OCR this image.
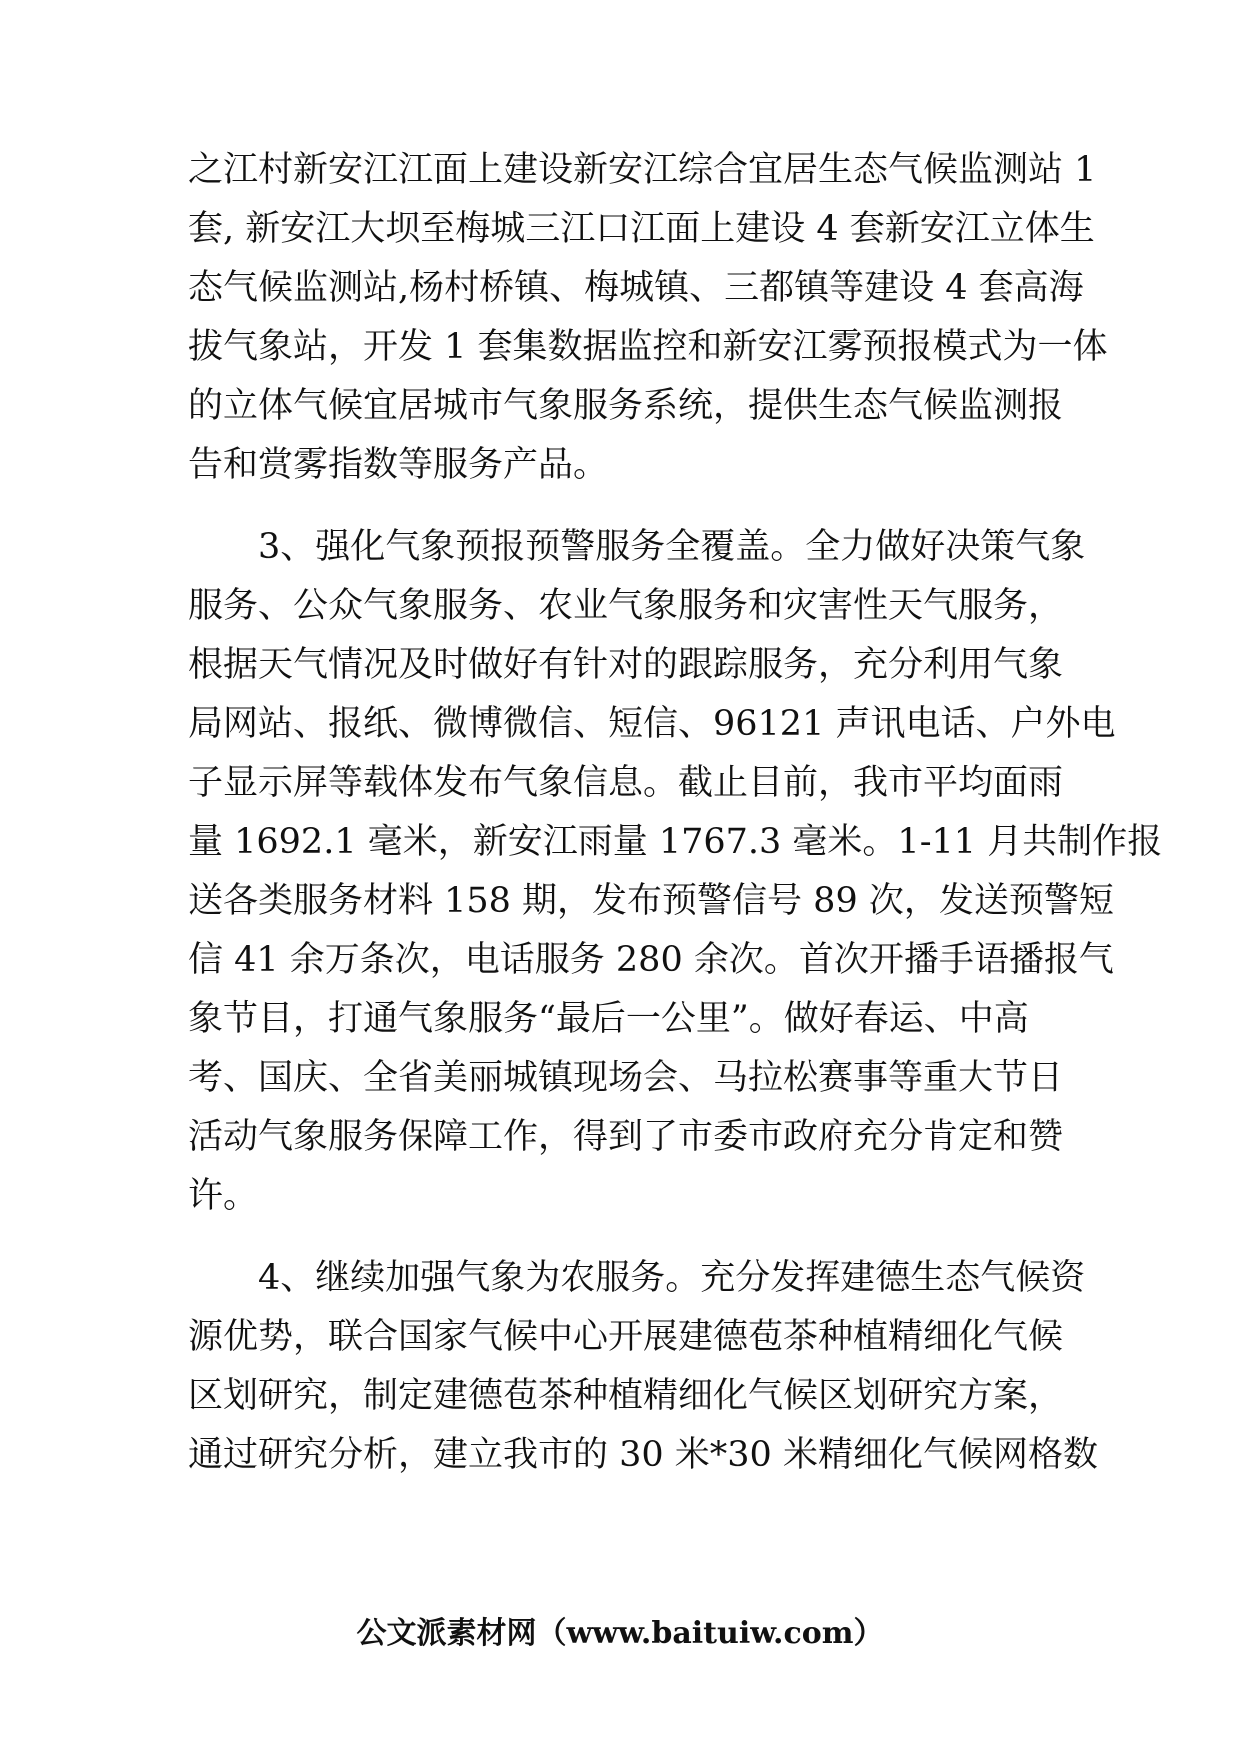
之江村新安江江面上建设新安江综合宜居生态气候监测站 1
套, 新安江大坝至梅城三江口江面上建设 4 套新安江立体生
态气候监测站,杨村桥镇、梅城镇、三都镇等建设 4 套高海
拔气象站，开发 1 套集数据监控和新安江雾预报模式为一体
的立体气候宜居城市气象服务系统，提供生态气候监测报
告和赏雾指数等服务产品。
3、强化气象预报预警服务全覆盖。全力做好决策气象
服务、公众气象服务、农业气象服务和灾害性天气服务，
根据天气情况及时做好有针对的跟踪服务，充分利用气象
局网站、报纸、微博微信、短信、96121 声讯电话、户外电
子显示屏等载体发布气象信息。截止目前，我市平均面雨
量 1692.1 毫米，新安江雨量 1767.3 毫米。1-11 月共制作报
送各类服务材料 158 期，发布预警信号 89 次，发送预警短
信 41 余万条次，电话服务 280 余次。首次开播手语播报气
象节目，打通气象服务“最后一公里”。做好春运、中高
考、国庆、全省美丽城镇现场会、马拉松赛事等重大节日
活动气象服务保障工作，得到了市委市政府充分肯定和赞
许。
4、继续加强气象为农服务。充分发挥建德生态气候资
源优势，联合国家气候中心开展建德苞茶种植精细化气候
区划研究，制定建德苞茶种植精细化气候区划研究方案，
通过研究分析，建立我市的 30 米*30 米精细化气候网格数
公文派素材网（www.baituiw.com）
